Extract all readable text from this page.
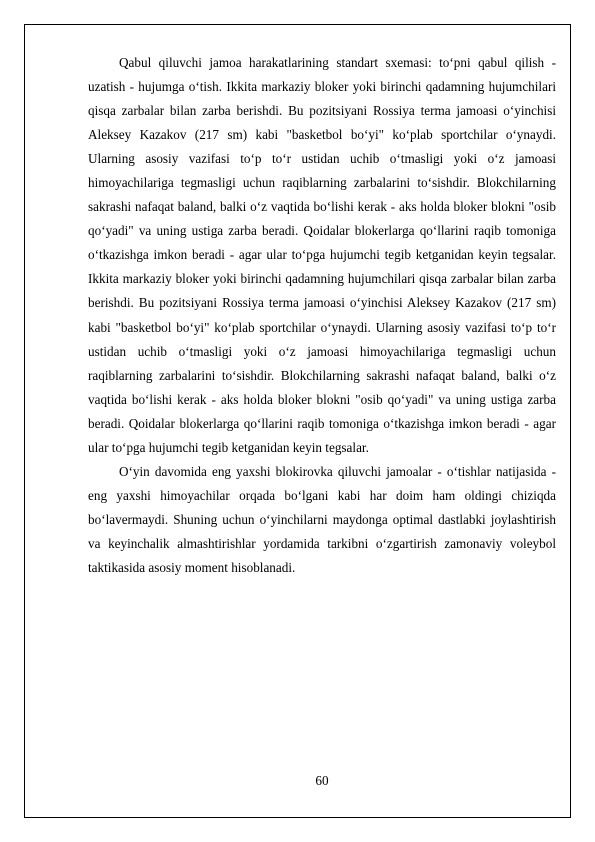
Qabul qiluvchi jamoa harakatlarining standart sxemasi: to‘pni qabul qilish - uzatish - hujumga o‘tish. Ikkita markaziy bloker yoki birinchi qadamning hujumchilari qisqa zarbalar bilan zarba berishdi. Bu pozitsiyani Rossiya terma jamoasi o‘yinchisi Aleksey Kazakov (217 sm) kabi "basketbol bo‘yi" ko‘plab sportchilar o‘ynaydi. Ularning asosiy vazifasi to‘p to‘r ustidan uchib o‘tmasligi yoki o‘z jamoasi himoyachilariga tegmasligi uchun raqiblarning zarbalarini to‘sishdir. Blokchilarning sakrashi nafaqat baland, balki o‘z vaqtida bo‘lishi kerak - aks holda bloker blokni "osib qo‘yadi" va uning ustiga zarba beradi. Qoidalar blokerlarga qo‘llarini raqib tomoniga o‘tkazishga imkon beradi - agar ular to‘pga hujumchi tegib ketganidan keyin tegsalar. Ikkita markaziy bloker yoki birinchi qadamning hujumchilari qisqa zarbalar bilan zarba berishdi. Bu pozitsiyani Rossiya terma jamoasi o‘yinchisi Aleksey Kazakov (217 sm) kabi "basketbol bo‘yi" ko‘plab sportchilar o‘ynaydi. Ularning asosiy vazifasi to‘p to‘r ustidan uchib o‘tmasligi yoki o‘z jamoasi himoyachilariga tegmasligi uchun raqiblarning zarbalarini to‘sishdir. Blokchilarning sakrashi nafaqat baland, balki o‘z vaqtida bo‘lishi kerak - aks holda bloker blokni "osib qo‘yadi" va uning ustiga zarba beradi. Qoidalar blokerlarga qo‘llarini raqib tomoniga o‘tkazishga imkon beradi - agar ular to‘pga hujumchi tegib ketganidan keyin tegsalar.

O‘yin davomida eng yaxshi blokirovka qiluvchi jamoalar - o‘tishlar natijasida - eng yaxshi himoyachilar orqada bo‘lgani kabi har doim ham oldingi chiziqda bo‘lavermaydi. Shuning uchun o‘yinchilarni maydonga optimal dastlabki joylashtirish va keyinchalik almashtirishlar yordamida tarkibni o‘zgartirish zamonaviy voleybol taktikasida asosiy moment hisoblanadi.

60
